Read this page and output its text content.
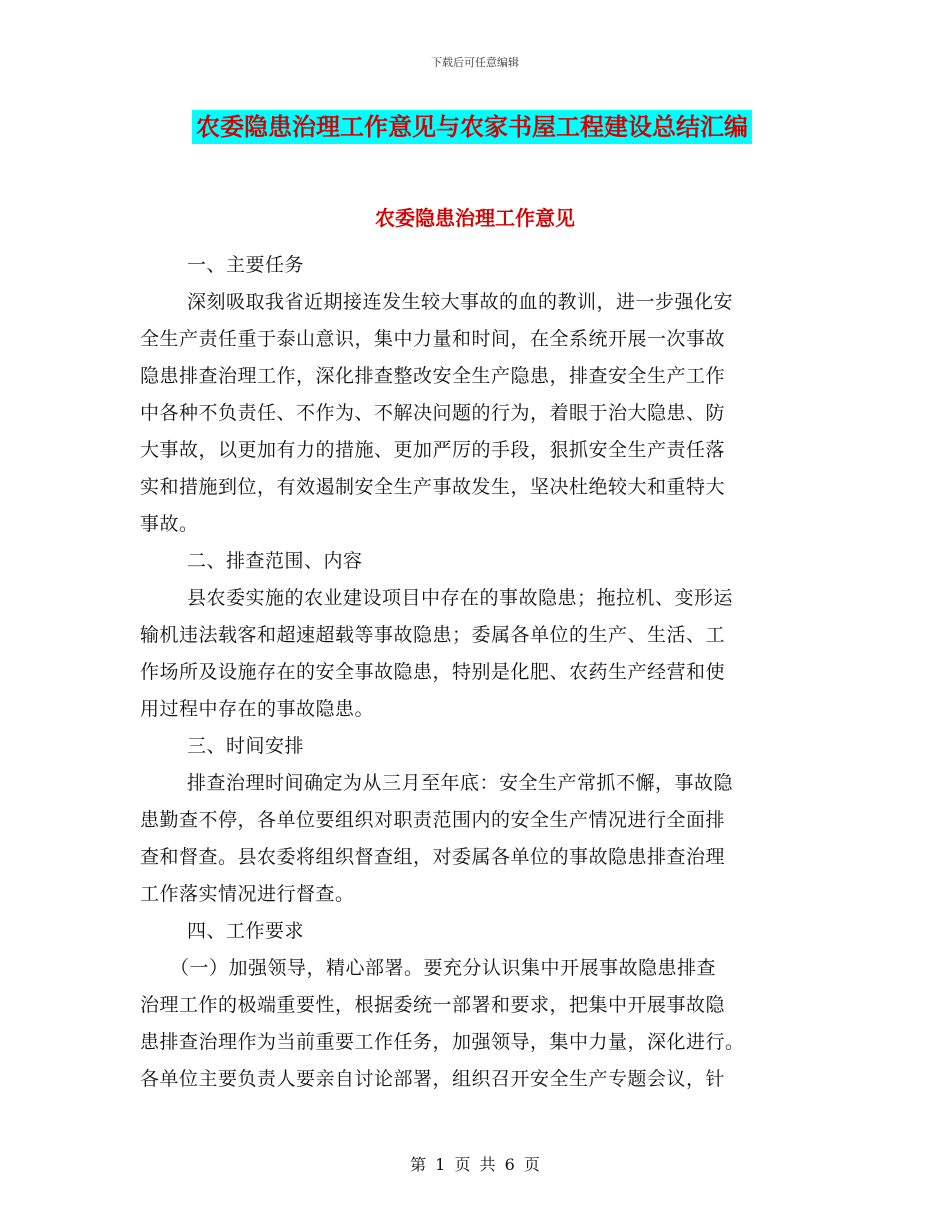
下载后可任意编辑
农委隐患治理工作意见与农家书屋工程建设总结汇编
农委隐患治理工作意见
一、主要任务
深刻吸取我省近期接连发生较大事故的血的教训，进一步强化安
全生产责任重于泰山意识，集中力量和时间，在全系统开展一次事故
隐患排查治理工作，深化排查整改安全生产隐患，排查安全生产工作
中各种不负责任、不作为、不解决问题的行为，着眼于治大隐患、防
大事故，以更加有力的措施、更加严厉的手段，狠抓安全生产责任落
实和措施到位，有效遏制安全生产事故发生，坚决杜绝较大和重特大
事故。
二、排查范围、内容
县农委实施的农业建设项目中存在的事故隐患；拖拉机、变形运
输机违法载客和超速超载等事故隐患；委属各单位的生产、生活、工
作场所及设施存在的安全事故隐患，特别是化肥、农药生产经营和使
用过程中存在的事故隐患。
三、时间安排
排查治理时间确定为从三月至年底：安全生产常抓不懈，事故隐
患勤查不停，各单位要组织对职责范围内的安全生产情况进行全面排
查和督查。县农委将组织督查组，对委属各单位的事故隐患排查治理
工作落实情况进行督查。
四、工作要求
（一）加强领导，精心部署。要充分认识集中开展事故隐患排查
治理工作的极端重要性，根据委统一部署和要求，把集中开展事故隐
患排查治理作为当前重要工作任务，加强领导，集中力量，深化进行。
各单位主要负责人要亲自讨论部署，组织召开安全生产专题会议，针
第 1 页 共 6 页
